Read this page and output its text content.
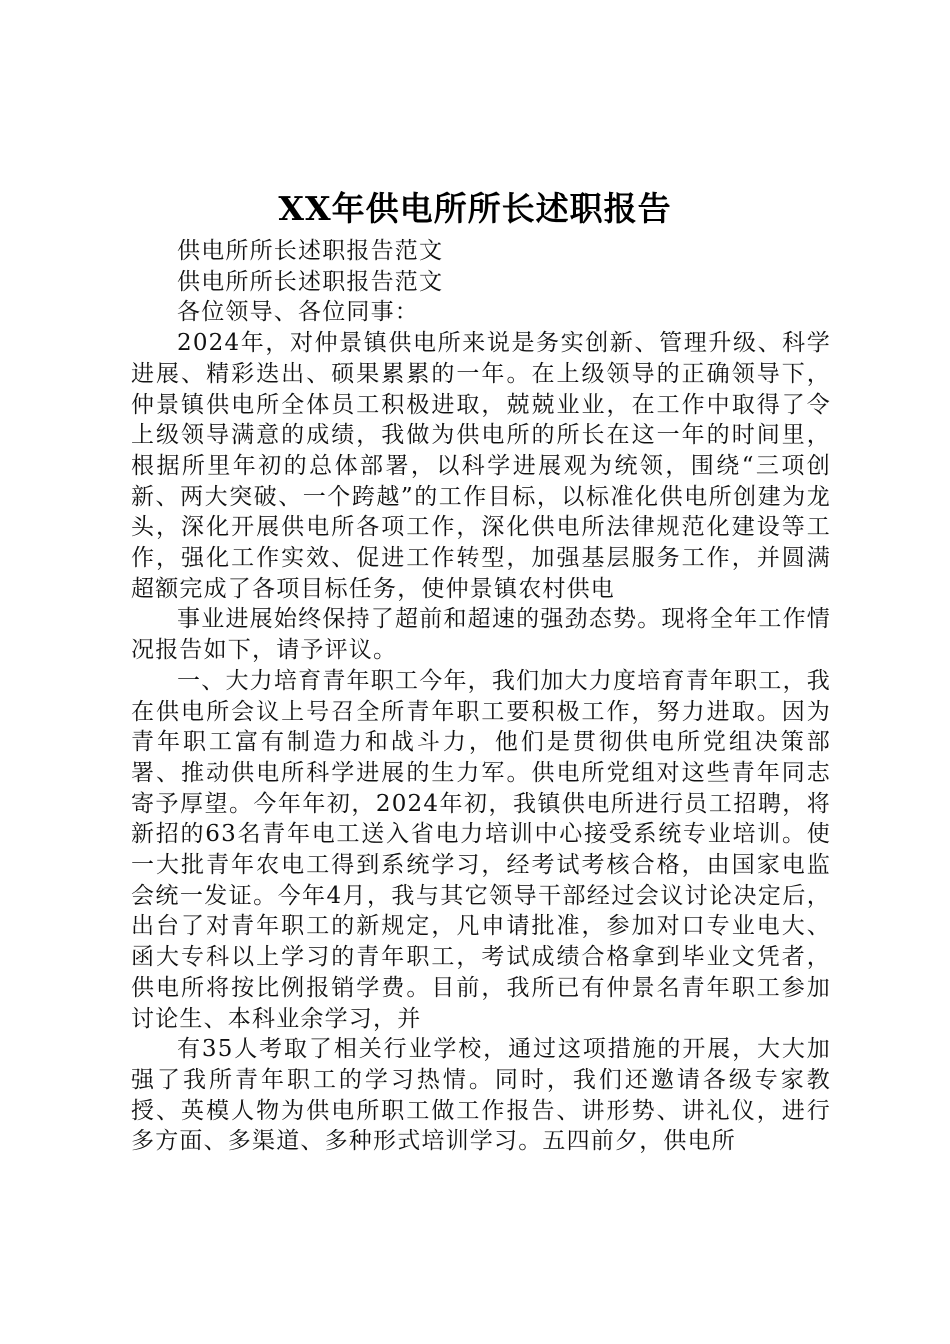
XX年供电所所长述职报告

供电所所长述职报告范文

供电所所长述职报告范文

各位领导、各位同事：

2024年，对仲景镇供电所来说是务实创新、管理升级、科学进展、精彩迭出、硕果累累的一年。在上级领导的正确领导下，仲景镇供电所全体员工积极进取，兢兢业业，在工作中取得了令上级领导满意的成绩，我做为供电所的所长在这一年的时间里，根据所里年初的总体部署，以科学进展观为统领，围绕“三项创新、两大突破、一个跨越”的工作目标，以标准化供电所创建为龙头，深化开展供电所各项工作，深化供电所法律规范化建设等工作，强化工作实效、促进工作转型，加强基层服务工作，并圆满超额完成了各项目标任务，使仲景镇农村供电

事业进展始终保持了超前和超速的强劲态势。现将全年工作情况报告如下，请予评议。

一、大力培育青年职工今年，我们加大力度培育青年职工，我在供电所会议上号召全所青年职工要积极工作，努力进取。因为青年职工富有制造力和战斗力，他们是贯彻供电所党组决策部署、推动供电所科学进展的生力军。供电所党组对这些青年同志寄予厚望。今年年初，2024年初，我镇供电所进行员工招聘，将新招的63名青年电工送入省电力培训中心接受系统专业培训。使一大批青年农电工得到系统学习，经考试考核合格，由国家电监会统一发证。今年4月，我与其它领导干部经过会议讨论决定后，出台了对青年职工的新规定，凡申请批准，参加对口专业电大、函大专科以上学习的青年职工，考试成绩合格拿到毕业文凭者，供电所将按比例报销学费。目前，我所已有仲景名青年职工参加讨论生、本科业余学习，并

有35人考取了相关行业学校，通过这项措施的开展，大大加强了我所青年职工的学习热情。同时，我们还邀请各级专家教授、英模人物为供电所职工做工作报告、讲形势、讲礼仪，进行多方面、多渠道、多种形式培训学习。五四前夕，供电所
